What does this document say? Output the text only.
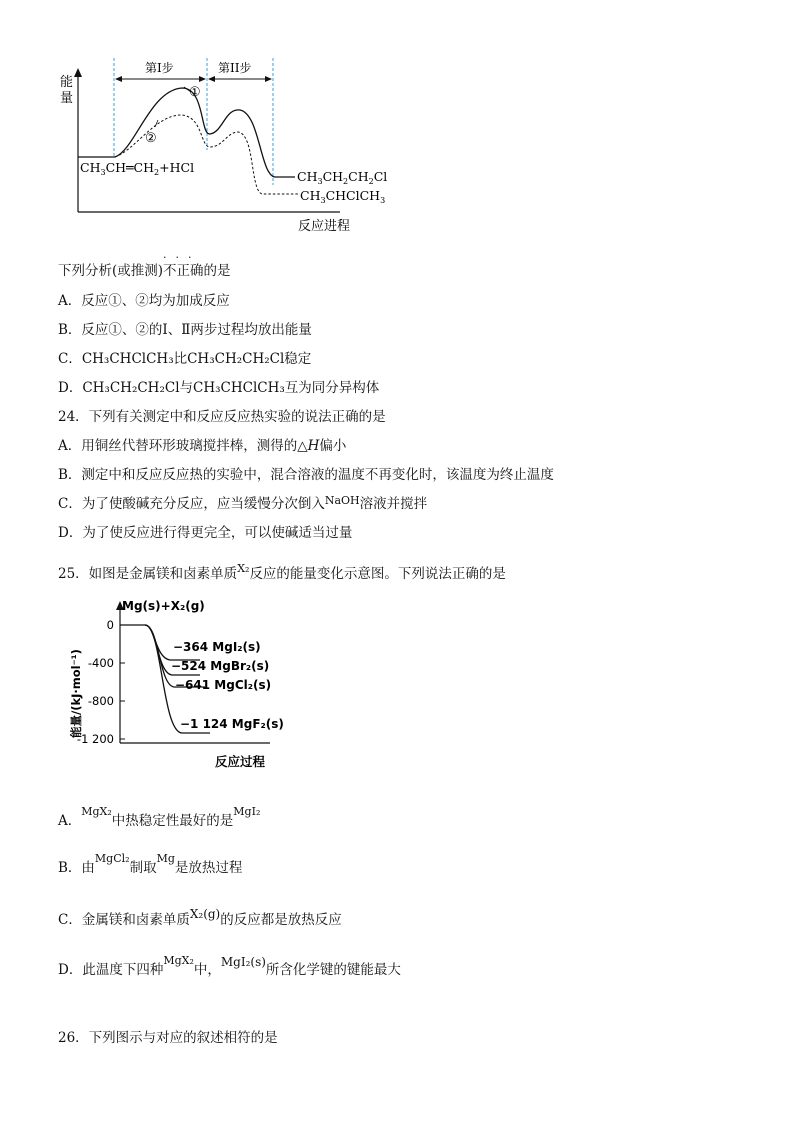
能
量
第I步	第II步
①
②
$CH_3CH═CH_2+HCl$
$CH_3CH_2CH_2Cl$
$CH_3CHClCH_3$
反应进程
下列分析(或推测)不正确
···
的是
A．反应①、②均为加成反应
B．反应①、②的Ⅰ、Ⅱ两步过程均放出能量
C．CH₃CHClCH₃比CH₃CH₂CH₂Cl稳定
D．CH₃CH₂CH₂Cl与CH₃CHClCH₃互为同分异构体
24．下列有关测定中和反应反应热实验的说法正确的是
A．用铜丝代替环形玻璃搅拌棒，测得的△H偏小
B．测定中和反应反应热的实验中，混合溶液的温度不再变化时，该温度为终止温度
C．为了使酸碱充分反应，应当缓慢分次倒入$^{NaOH}$溶液并搅拌
D．为了使反应进行得更完全，可以使碱适当过量
25．如图是金属镁和卤素单质$^{X_2}$反应的能量变化示意图。下列说法正确的是
0
-400
-800
-1 200
能量/(kJ·mol⁻¹)
Mg(s)+X₂(g)
−364 MgI₂(s)
−524 MgBr₂(s)
−641 MgCl₂(s)
−1 124 MgF₂(s)
反应过程
A．$^{MgX_2}$中热稳定性最好的是$^{MgI_2}$
B．由$^{MgCl_2}$制取$^{Mg}$是放热过程
C．金属镁和卤素单质X₂(g)的反应都是放热反应
D．此温度下四种$^{MgX_2}$中，MgI₂(s)所含化学键的键能最大
26．下列图示与对应的叙述相符的是
